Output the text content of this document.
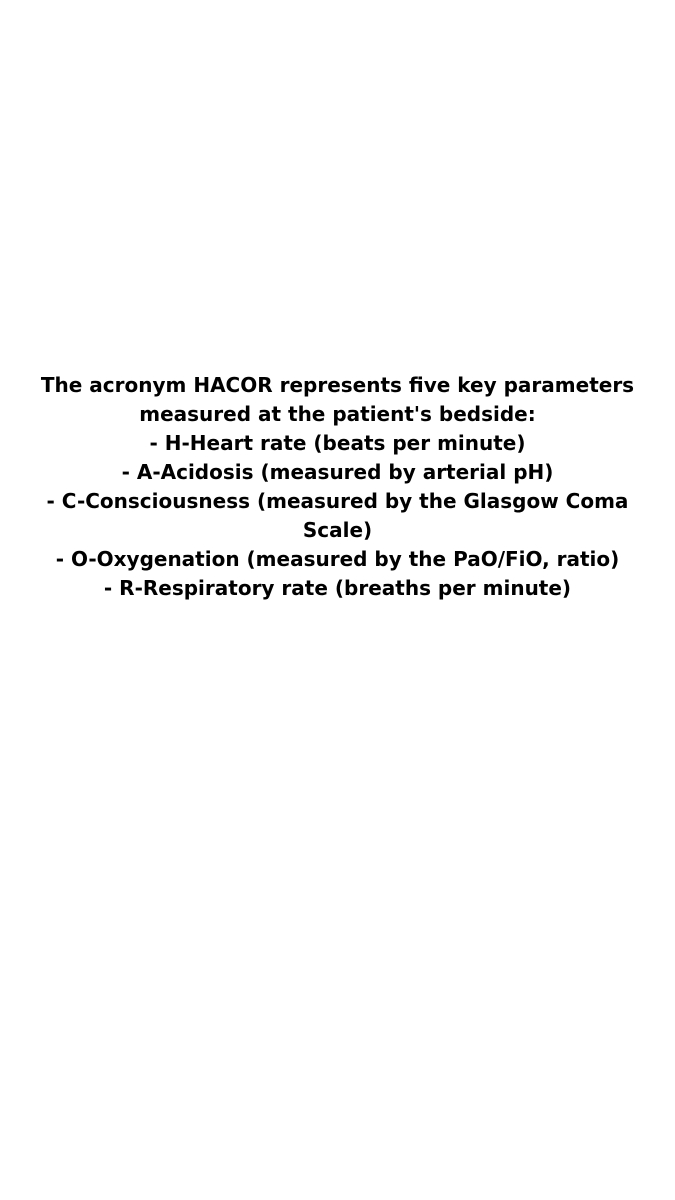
The acronym HACOR represents five key parameters measured at the patient's bedside:
- H-Heart rate (beats per minute)
- A-Acidosis (measured by arterial pH)
- C-Consciousness (measured by the Glasgow Coma Scale)
- O-Oxygenation (measured by the PaO/FiO, ratio)
- R-Respiratory rate (breaths per minute)
